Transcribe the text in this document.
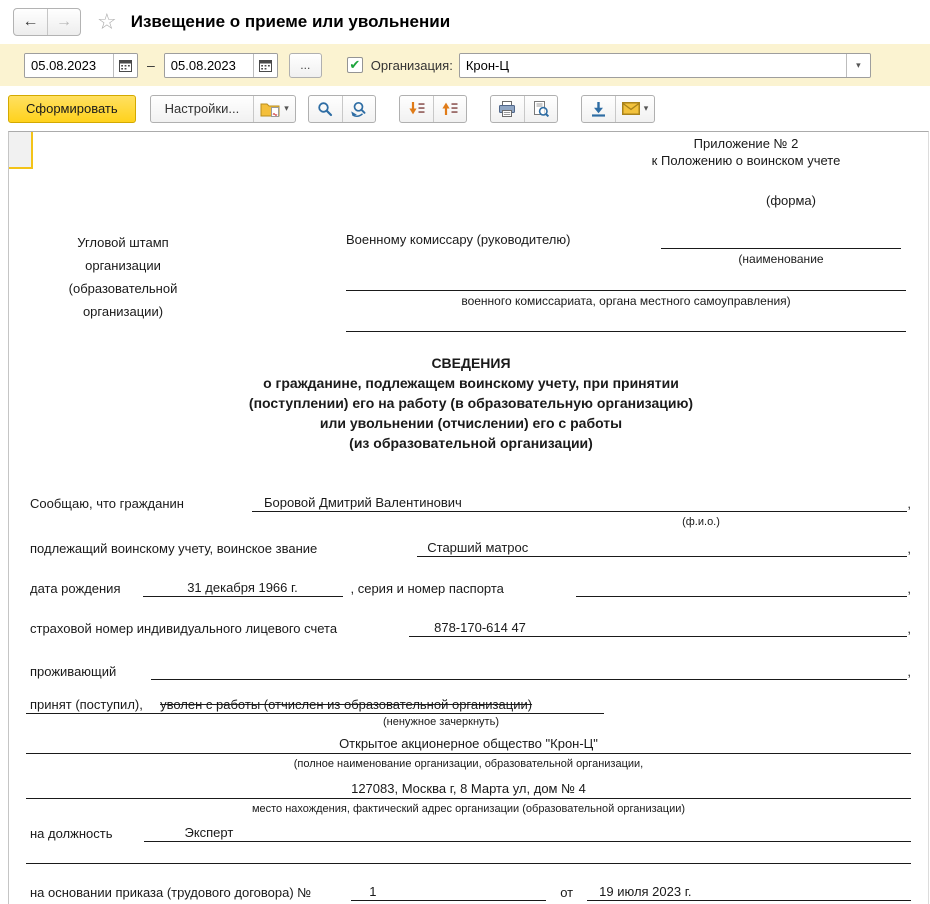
← → ☆ Извещение о приеме или увольнении
05.08.2023
–
05.08.2023	...	✔ Организация:
Крон-Ц	▾
Сформировать	Настройки...	▾	▾
Приложение № 2
к Положению о воинском учете
(форма)
Угловой штамп
организации
(образовательной
организации)
Военному комиссару (руководителю)
(наименование
военного комиссариата, органа местного самоуправления)
СВЕДЕНИЯ
о гражданине, подлежащем воинскому учету, при принятии
(поступлении) его на работу (в образовательную организацию)
или увольнении (отчислении) его с работы
(из образовательной организации)
Сообщаю, что гражданин	Боровой Дмитрий Валентинович	,
(ф.и.о.)
подлежащий воинскому учету, воинское звание	Старший матрос	,
дата рождения	31 декабря 1966 г.	, серия и номер паспорта	,
страховой номер индивидуального лицевого счета	878-170-614 47	,
проживающий	,
принят (поступил), уволен с работы (отчислен из образовательной организации)
(ненужное зачеркнуть)
Открытое акционерное общество "Крон-Ц"
(полное наименование организации, образовательной организации,
127083, Москва г, 8 Марта ул, дом № 4
место нахождения, фактический адрес организации (образовательной организации)
на должность	Эксперт
на основании приказа (трудового договора) №	1	от	19 июля 2023 г.
